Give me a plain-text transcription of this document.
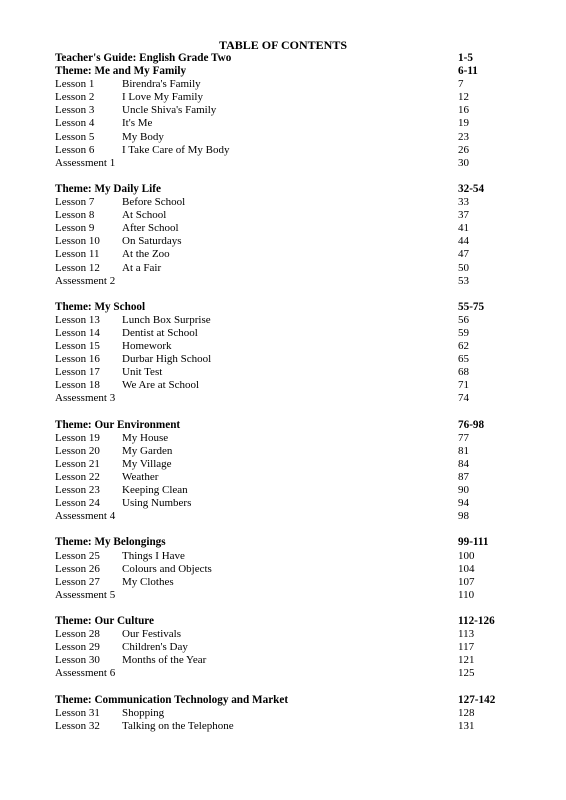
TABLE OF CONTENTS
Teacher's Guide: English Grade Two	1-5
Theme: Me and My Family	6-11
Lesson 1	Birendra's Family	7
Lesson 2	I Love My Family	12
Lesson 3	Uncle Shiva's Family	16
Lesson 4	It's Me	19
Lesson 5	My Body	23
Lesson 6	I Take Care of My Body	26
Assessment 1	30
Theme: My Daily Life	32-54
Lesson 7	Before School	33
Lesson 8	At School	37
Lesson 9	After School	41
Lesson 10 On Saturdays	44
Lesson 11 At the Zoo	47
Lesson 12 At a Fair	50
Assessment 2	53
Theme: My School	55-75
Lesson 13 Lunch Box Surprise	56
Lesson 14 Dentist at School	59
Lesson 15 Homework	62
Lesson 16 Durbar High School	65
Lesson 17 Unit Test	68
Lesson 18 We Are at School	71
Assessment 3	74
Theme: Our Environment	76-98
Lesson 19 My House	77
Lesson 20 My Garden	81
Lesson 21 My Village	84
Lesson 22 Weather	87
Lesson 23 Keeping Clean	90
Lesson 24 Using Numbers	94
Assessment 4	98
Theme: My Belongings	99-111
Lesson 25 Things I Have	100
Lesson 26 Colours and Objects	104
Lesson 27 My Clothes	107
Assessment 5	110
Theme: Our Culture	112-126
Lesson 28 Our Festivals	113
Lesson 29 Children's Day	117
Lesson 30 Months of the Year	121
Assessment 6	125
Theme: Communication Technology and Market	127-142
Lesson 31 Shopping	128
Lesson 32 Talking on the Telephone	131
